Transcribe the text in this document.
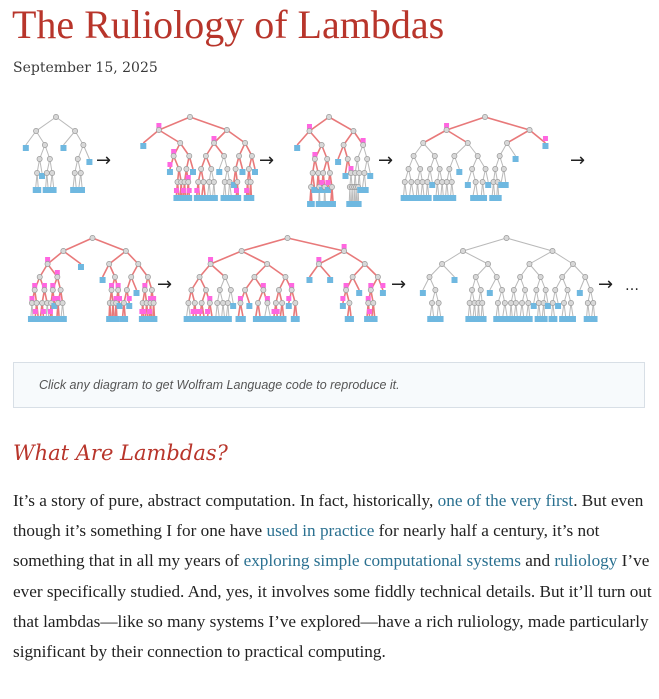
The Ruliology of Lambdas
September 15, 2025
→	→	→	→
→	→	→ …
Click any diagram to get Wolfram Language code to reproduce it.
What Are Lambdas?

It’s a story of pure, abstract computation. In fact, historically, one of the very first. But even though it’s something I for one have used in practice for nearly half a century, it’s not something that in all my years of exploring simple computational systems and ruliology I’ve ever specifically studied. And, yes, it involves some fiddly technical details. But it’ll turn out that lambdas—like so many systems I’ve explored—have a rich ruliology, made particularly significant by their connection to practical computing.
